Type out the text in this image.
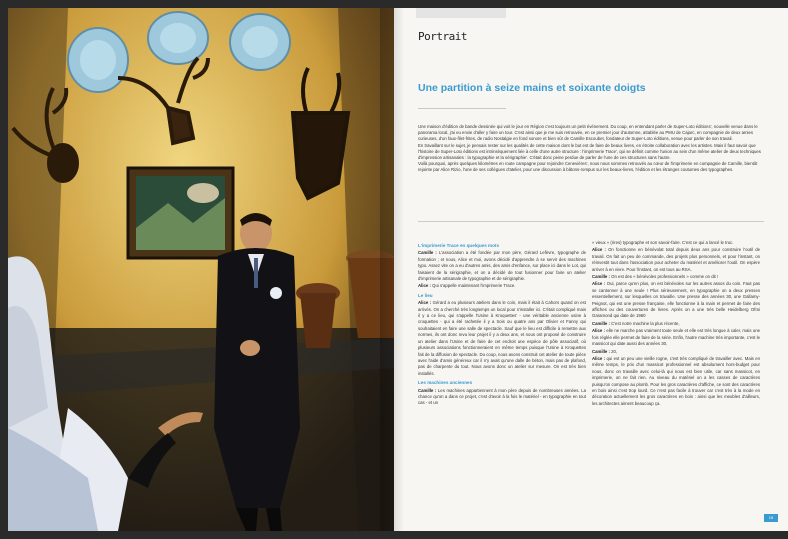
Portrait
Une partition à seize mains et soixante doigts

Une maison d'édition de bande dessinée qui voit le jour en Région c'est toujours un petit événement. Du coup, en entendant parler de Super-Loto éditions', nouvelle venue dans le panorama local, j'ai eu envie d'aller y faire un tour. C'est ainsi que je me suis retrouvée, en ce premier jour d'automne, attablée au PMU de Cajarc, en compagnie de deux amies curieuses, d'un faux-filet-frites, de radio Nostalgie en fond sonore et bien sûr de Camille Escoubet, fondateur de Super-Loto éditions, venue pour parler de son travail.

En travaillant sur le sujet, je pensais rester sur les qualités de cette maison dont le but est de faire de beaux livres, en étroite collaboration avec les artistes. Mais il faut savoir que l'histoire de Super-Loto éditions est intrinsèquement liée à celle d'une autre structure : l'imprimerie Trace', qui se définit comme l'union au sein d'un même atelier de deux techniques d'impression artisanales : la typographie et la sérigraphie'. C'était donc peine perdue de parler de l'une de ces structures sans l'autre.

Voilà pourquoi, après quelques kilomètres en route campagne pour rejoindre Cenevières', nous nous sommes retrouvés au cœur de l'imprimerie en compagnie de Camille, bientôt rejointe par Alice Rizio, l'une de ses collègues d'atelier, pour une discussion à bâtons-rompus sur les beaux-livres, l'édition et les étranges coutumes des typographes.

L'imprimerie Trace en quelques mots

Camille : L'association a été fondée par mon père, Gérard Lefèvre, typographe de formation ; et nous, Alice et moi, avons décidé d'apprendre à se servir des machines typo. Assez vite on a eu d'autres amis, des amis d'enfance, sur place ici dans le Lot, qui faisaient de la sérigraphie, et on a décidé de tout fusionner pour faire un atelier d'imprimerie artisanale de typographie et de sérigraphie.

Alice : Qui s'appelle maintenant l'imprimerie Trace.

Le lieu

Alice : Gérard a eu plusieurs ateliers dans le coin, mais il était à Cahors quand on est arrivés. On a cherché très longtemps un local pour s'installer ici. C'était compliqué mais il y a ce lieu, qui s'appelle l'Usine à Kroquettes' - une véritable ancienne usine à croquettes - qui a été rachetée il y a trois ou quatre ans par Olivier et Fanny qui souhaitaient en faire une salle de spectacle. Sauf que le lieu est difficile à remettre aux normes, ils ont donc revu leur projet il y a deux ans, et nous ont proposé de construire un atelier dans l'Usine et de faire de cet endroit une espèce de pôle associatif, où plusieurs associations fonctionneraient en même temps puisque l'Usine à Kroquettes fait de la diffusion de spectacle. Du coup, nous avons construit cet atelier de toute pièce avec l'aide d'amis généreux car il n'y avait qu'une dalle de béton, mais pas de plafond, pas de charpente du tout. Nous avons donc un atelier sur mesure. On est très bien installés.

Les machines anciennes

Camille : Les machines appartiennent à mon père depuis de nombreuses années. La chance qu'on a dans ce projet, c'est d'avoir à la fois le matériel - en typographie en tout cas - et un

« vieux » (rires) typographe et son savoir-faire. C'est ce qui a lancé le truc.

Alice : On fonctionne en bénévolat total depuis deux ans pour construire l'outil de travail. On fait un peu de commande, des projets plus personnels, et pour l'instant, on réinvestit tout dans l'association pour acheter du matériel et améliorer l'outil. On espère arriver à en vivre. Pour l'instant, on est tous au RSA.

Camille : On est des « bénévoles professionnels » comme on dit !

Alice : Oui, parce qu'en plus, on est bénévoles sur les autres assos du coin. Faut pas se cantonner à une seule ! Plus sérieusement, en typographie on a deux presses essentiellement, sur lesquelles on travaille. Une presse des années 30, une Gallamy-Peignot, qui est une presse française, elle fonctionne à la main et permet de faire des affiches ou des couvertures de livres. Après on a une très belle Heidelberg Ofmi Garamond qui date de 1960

Camille : C'est notre machine la plus récente,

Alice : elle ne marche pas vraiment toute seule et elle est très longue à caler, mais une fois réglée elle permet de faire de la série. Enfin, l'autre machine très importante, c'est le massicot qui date aussi des années 30,

Camille : 20,

Alice : qui est un peu une vieille rogne, c'est très compliqué de travailler avec. Mais en même temps, le prix d'un massicot professionnel est absolument hors-budget pour nous, donc on travaille avec celui-là qui nous est bien utile, car sans massicot, en imprimerie, on ne fait rien. Au niveau du matériel on a les casses de caractères puisqu'on compose au plomb. Pour les gros caractères d'affiche, ce sont des caractères en bois ainsi c'est trop lourd. Ce n'est pas facile à trouver car c'est très à la mode en décoration actuellement les gros caractères en bois : ainsi que les meubles d'ailleurs, les architectes aiment beaucoup ça.

15
